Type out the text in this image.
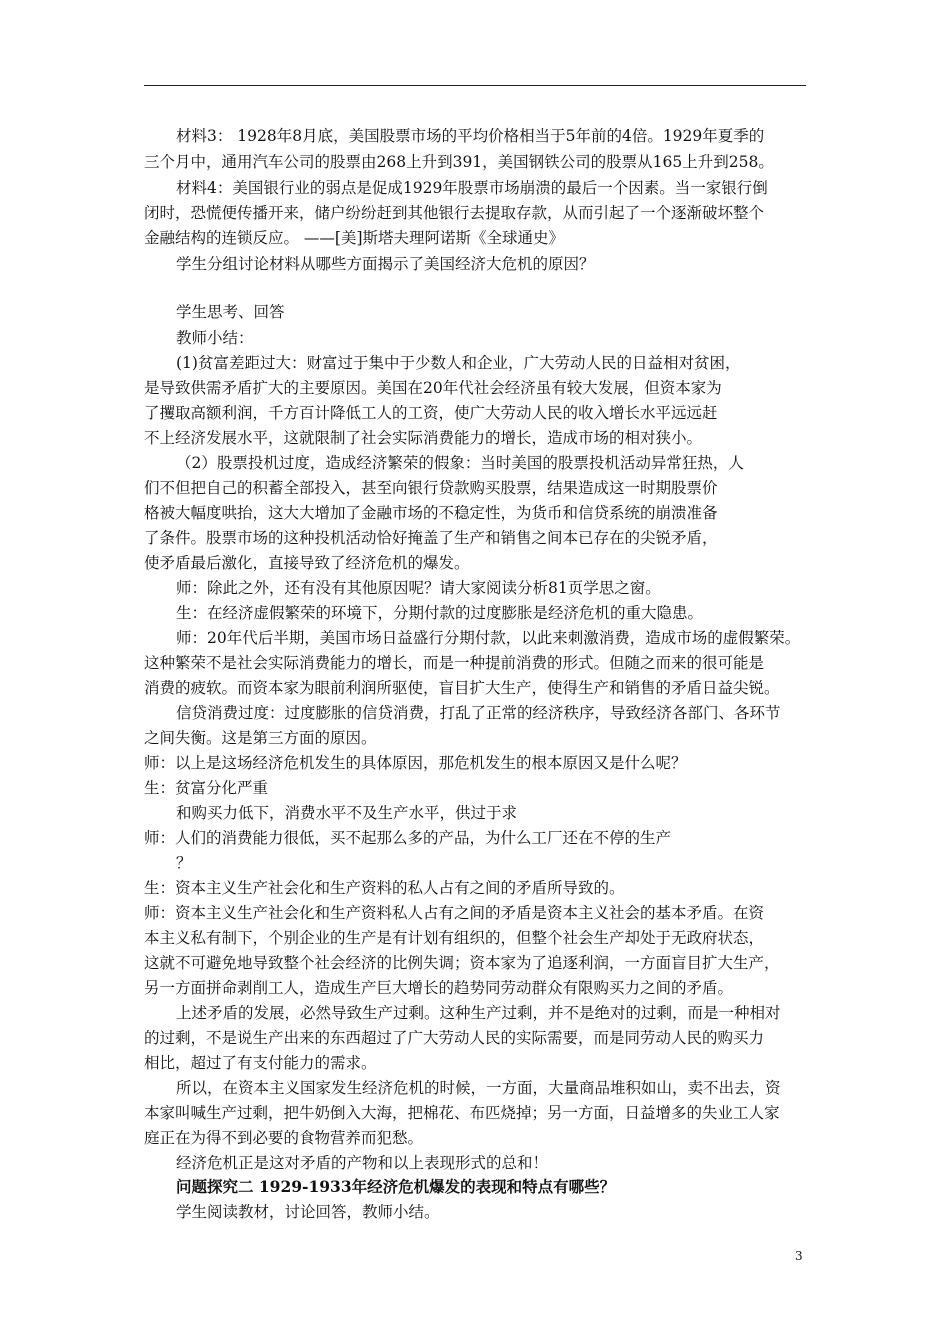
材料3： 1928年8月底，美国股票市场的平均价格相当于5年前的4倍。1929年夏季的
三个月中，通用汽车公司的股票由268上升到391，美国钢铁公司的股票从165上升到258。
材料4：美国银行业的弱点是促成1929年股票市场崩溃的最后一个因素。当一家银行倒
闭时，恐慌便传播开来，储户纷纷赶到其他银行去提取存款，从而引起了一个逐渐破坏整个
金融结构的连锁反应。 ——[美]斯塔夫理阿诺斯《全球通史》
学生分组讨论材料从哪些方面揭示了美国经济大危机的原因？
学生思考、回答
教师小结：
(1)贫富差距过大：财富过于集中于少数人和企业，广大劳动人民的日益相对贫困，
是导致供需矛盾扩大的主要原因。美国在20年代社会经济虽有较大发展，但资本家为
了攫取高额利润，千方百计降低工人的工资，使广大劳动人民的收入增长水平远远赶
不上经济发展水平，这就限制了社会实际消费能力的增长，造成市场的相对狭小。
（2）股票投机过度，造成经济繁荣的假象：当时美国的股票投机活动异常狂热，人
们不但把自己的积蓄全部投入，甚至向银行贷款购买股票，结果造成这一时期股票价
格被大幅度哄抬，这大大增加了金融市场的不稳定性，为货币和信贷系统的崩溃准备
了条件。股票市场的这种投机活动恰好掩盖了生产和销售之间本已存在的尖锐矛盾，
使矛盾最后激化，直接导致了经济危机的爆发。
师：除此之外，还有没有其他原因呢？请大家阅读分析81页学思之窗。
生：在经济虚假繁荣的环境下，分期付款的过度膨胀是经济危机的重大隐患。
师：20年代后半期，美国市场日益盛行分期付款，以此来刺激消费，造成市场的虚假繁荣。
这种繁荣不是社会实际消费能力的增长，而是一种提前消费的形式。但随之而来的很可能是
消费的疲软。而资本家为眼前利润所驱使，盲目扩大生产，使得生产和销售的矛盾日益尖锐。
信贷消费过度：过度膨胀的信贷消费，打乱了正常的经济秩序，导致经济各部门、各环节
之间失衡。这是第三方面的原因。
师：以上是这场经济危机发生的具体原因，那危机发生的根本原因又是什么呢？
生：贫富分化严重
和购买力低下，消费水平不及生产水平，供过于求
师：人们的消费能力很低，买不起那么多的产品，为什么工厂还在不停的生产
？
生：资本主义生产社会化和生产资料的私人占有之间的矛盾所导致的。
师：资本主义生产社会化和生产资料私人占有之间的矛盾是资本主义社会的基本矛盾。在资
本主义私有制下，个别企业的生产是有计划有组织的，但整个社会生产却处于无政府状态，
这就不可避免地导致整个社会经济的比例失调；资本家为了追逐利润，一方面盲目扩大生产，
另一方面拼命剥削工人，造成生产巨大增长的趋势同劳动群众有限购买力之间的矛盾。
上述矛盾的发展，必然导致生产过剩。这种生产过剩，并不是绝对的过剩，而是一种相对
的过剩，不是说生产出来的东西超过了广大劳动人民的实际需要，而是同劳动人民的购买力
相比，超过了有支付能力的需求。
所以，在资本主义国家发生经济危机的时候，一方面，大量商品堆积如山，卖不出去，资
本家叫喊生产过剩，把牛奶倒入大海，把棉花、布匹烧掉；另一方面，日益增多的失业工人家
庭正在为得不到必要的食物营养而犯愁。
经济危机正是这对矛盾的产物和以上表现形式的总和！
问题探究二 1929-1933年经济危机爆发的表现和特点有哪些？
学生阅读教材，讨论回答，教师小结。
3
